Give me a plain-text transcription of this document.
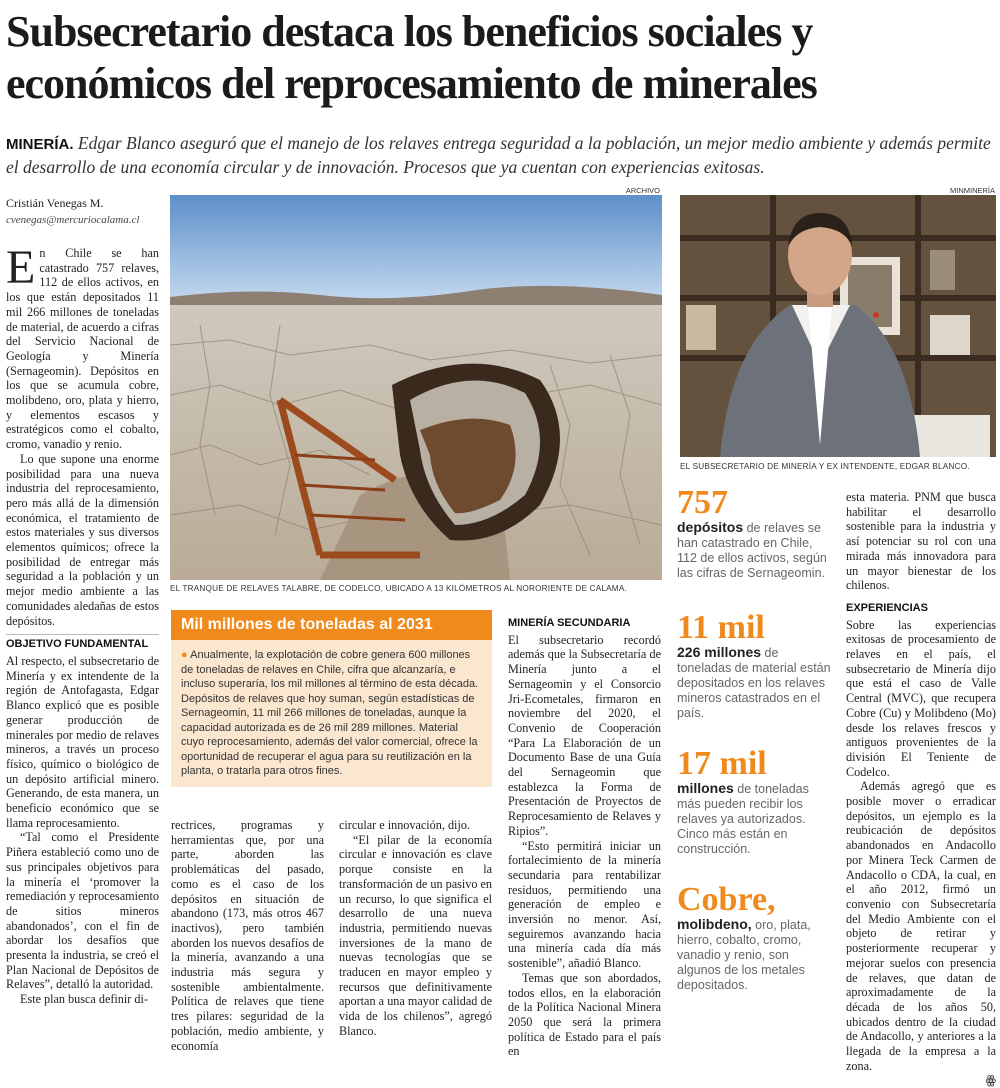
Subsecretario destaca los beneficios sociales y económicos del reprocesamiento de minerales
MINERÍA. Edgar Blanco aseguró que el manejo de los relaves entrega seguridad a la población, un mejor medio ambiente y además permite el desarrollo de una economía circular y de innovación. Procesos que ya cuentan con experiencias exitosas.
Cristián Venegas M.
cvenegas@mercuriocalama.cl

En Chile se han catastrado 757 relaves, 112 de ellos activos, en los que están depositados 11 mil 266 millones de toneladas de material, de acuerdo a cifras del Servicio Nacional de Geología y Minería (Sernageomin). Depósitos en los que se acumula cobre, molibdeno, oro, plata y hierro, y elementos escasos y estratégicos como el cobalto, cromo, vanadio y renio.

Lo que supone una enorme posibilidad para una nueva industria del reprocesamiento, pero más allá de la dimensión económica, el tratamiento de estos materiales y sus diversos elementos químicos; ofrece la posibilidad de entregar más seguridad a la población y un mejor medio ambiente a las comunidades aledañas de estos depósitos.

OBJETIVO FUNDAMENTAL

Al respecto, el subsecretario de Minería y ex intendente de la región de Antofagasta, Edgar Blanco explicó que es posible generar producción de minerales por medio de relaves mineros, a través un proceso físico, químico o biológico de un depósito artificial minero. Generando, de esta manera, un beneficio económico que se llama reprocesamiento.

“Tal como el Presidente Piñera estableció como uno de sus principales objetivos para la minería el ‘promover la remediación y reprocesamiento de sitios mineros abandonados’, con el fin de abordar los desafíos que presenta la industria, se creó el Plan Nacional de Depósitos de Relaves”, detalló la autoridad.

Este plan busca definir di-

ARCHIVO
EL TRANQUE DE RELAVES TALABRE, DE CODELCO, UBICADO A 13 KILÓMETROS AL NORORIENTE DE CALAMA.
MINMINERÍA
EL SUBSECRETARIO DE MINERÍA Y EX INTENDENTE, EDGAR BLANCO.

rectrices, programas y herramientas que, por una parte, aborden las problemáticas del pasado, como es el caso de los depósitos en situación de abandono (173, más otros 467 inactivos), pero también aborden los nuevos desafíos de la minería, avanzando a una industria más segura y sostenible ambientalmente. Política de relaves que tiene tres pilares: seguridad de la población, medio ambiente, y economía

circular e innovación, dijo.

“El pilar de la economía circular e innovación es clave porque consiste en la transformación de un pasivo en un recurso, lo que significa el desarrollo de una nueva industria, permitiendo nuevas inversiones de la mano de nuevas tecnologías que se traducen en mayor empleo y recursos que definitivamente aportan a una mayor calidad de vida de los chilenos”, agregó Blanco.

Mil millones de toneladas al 2031
● Anualmente, la explotación de cobre genera 600 millones de toneladas de relaves en Chile, cifra que alcanzaría, e incluso superaría, los mil millones al término de esta década. Depósitos de relaves que hoy suman, según estadísticas de Sernageomin, 11 mil 266 millones de toneladas, aunque la capacidad autorizada es de 26 mil 289 millones. Material cuyo reprocesamiento, además del valor comercial, ofrece la oportunidad de recuperar el agua para su reutilización en la planta, o tratarla para otros fines.
MINERÍA SECUNDARIA

El subsecretario recordó además que la Subsecretaría de Minería junto a el Sernageomin y el Consorcio Jri-Ecometales, firmaron en noviembre del 2020, el Convenio de Cooperación “Para La Elaboración de un Documento Base de una Guía del Sernageomin que establezca la Forma de Presentación de Proyectos de Reprocesamiento de Relaves y Ripios”.

“Esto permitirá iniciar un fortalecimiento de la minería secundaria para rentabilizar residuos, permitiendo una generación de empleo e inversión no menor. Así, seguiremos avanzando hacia una minería cada día más sostenible”, añadió Blanco.

Temas que son abordados, todos ellos, en la elaboración de la Política Nacional Minera 2050 que será la primera política de Estado para el país en

757
depósitos de relaves se han catastrado en Chile, 112 de ellos activos, según las cifras de Sernageomin.
11 mil
226 millones de toneladas de material están depositados en los relaves mineros catastrados en el país.
17 mil
millones de toneladas más pueden recibir los relaves ya autorizados. Cinco más están en construcción.
Cobre,
molibdeno, oro, plata, hierro, cobalto, cromo, vanadio y renio, son algunos de los metales depositados.

esta materia. PNM que busca habilitar el desarrollo sostenible para la industria y así potenciar su rol con una mirada más innovadora para un mayor bienestar de los chilenos.

EXPERIENCIAS

Sobre las experiencias exitosas de procesamiento de relaves en el país, el subsecretario de Minería dijo que está el caso de Valle Central (MVC), que recupera Cobre (Cu) y Molibdeno (Mo) desde los relaves frescos y antiguos provenientes de la división El Teniente de Codelco.

Además agregó que es posible mover o erradicar depósitos, un ejemplo es la reubicación de depósitos abandonados en Andacollo por Minera Teck Carmen de Andacollo o CDA, la cual, en el año 2012, firmó un convenio con Subsecretaría del Medio Ambiente con el objeto de retirar y posteriormente recuperar y mejorar suelos con presencia de relaves, que datan de aproximadamente de la década de los años 50, ubicados dentro de la ciudad de Andacollo, y anteriores a la llegada de la empresa a la zona.

ꙮ
